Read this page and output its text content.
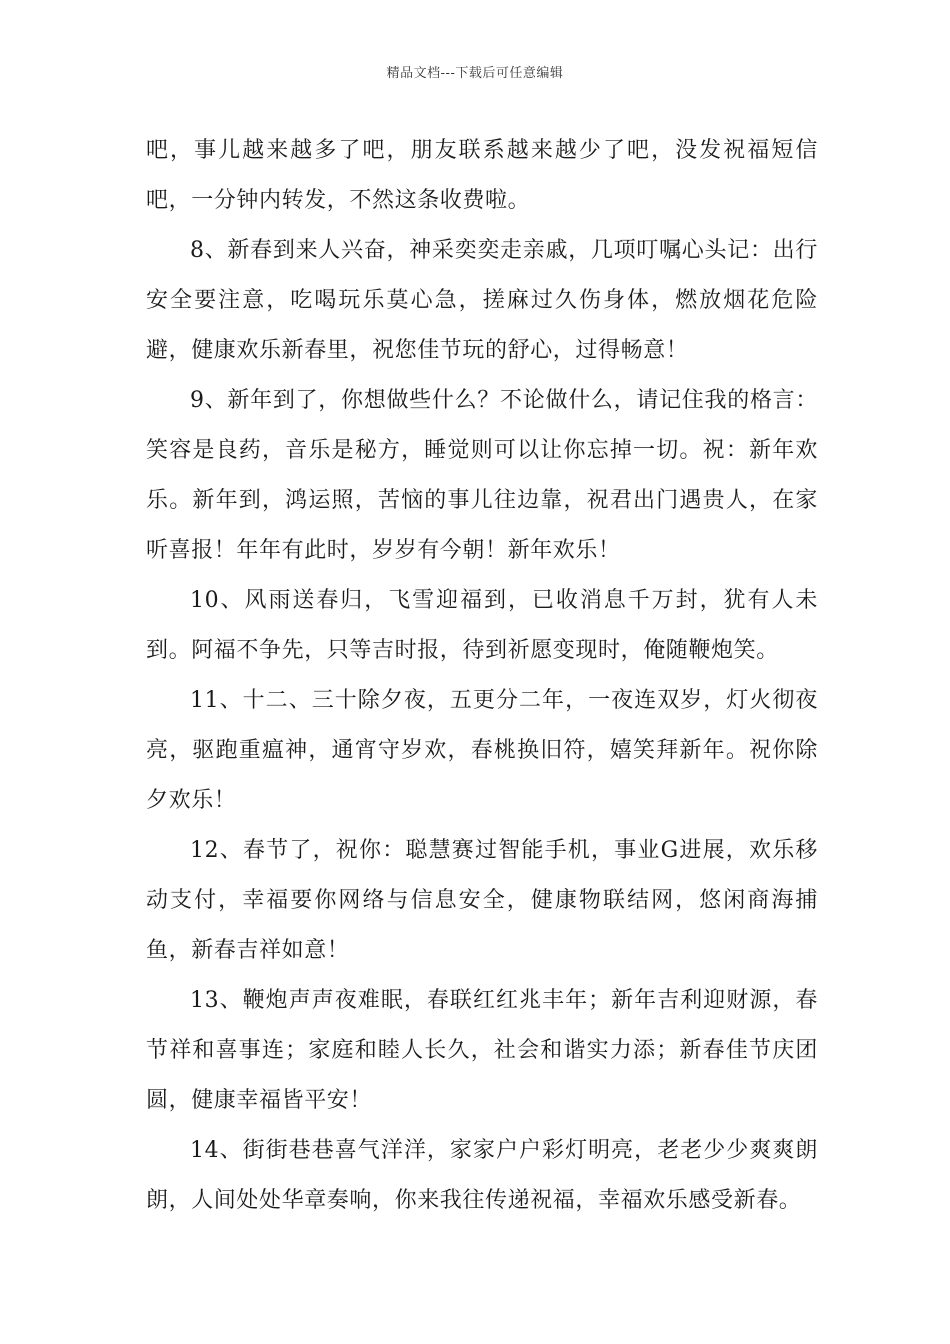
精品文档---下载后可任意编辑

吧，事儿越来越多了吧，朋友联系越来越少了吧，没发祝福短信吧，一分钟内转发，不然这条收费啦。

8、新春到来人兴奋，神采奕奕走亲戚，几项叮嘱心头记：出行安全要注意，吃喝玩乐莫心急，搓麻过久伤身体，燃放烟花危险避，健康欢乐新春里，祝您佳节玩的舒心，过得畅意！

9、新年到了，你想做些什么？不论做什么，请记住我的格言：笑容是良药，音乐是秘方，睡觉则可以让你忘掉一切。祝：新年欢乐。新年到，鸿运照，苦恼的事儿往边靠，祝君出门遇贵人，在家听喜报！年年有此时，岁岁有今朝！新年欢乐！

10、风雨送春归，飞雪迎福到，已收消息千万封，犹有人未到。阿福不争先，只等吉时报，待到祈愿变现时，俺随鞭炮笑。

11、十二、三十除夕夜，五更分二年，一夜连双岁，灯火彻夜亮，驱跑重瘟神，通宵守岁欢，春桃换旧符，嬉笑拜新年。祝你除夕欢乐！

12、春节了，祝你：聪慧赛过智能手机，事业G进展，欢乐移动支付，幸福要你网络与信息安全，健康物联结网，悠闲商海捕鱼，新春吉祥如意！

13、鞭炮声声夜难眠，春联红红兆丰年；新年吉利迎财源，春节祥和喜事连；家庭和睦人长久，社会和谐实力添；新春佳节庆团圆，健康幸福皆平安！

14、街街巷巷喜气洋洋，家家户户彩灯明亮，老老少少爽爽朗朗，人间处处华章奏响，你来我往传递祝福，幸福欢乐感受新春。
